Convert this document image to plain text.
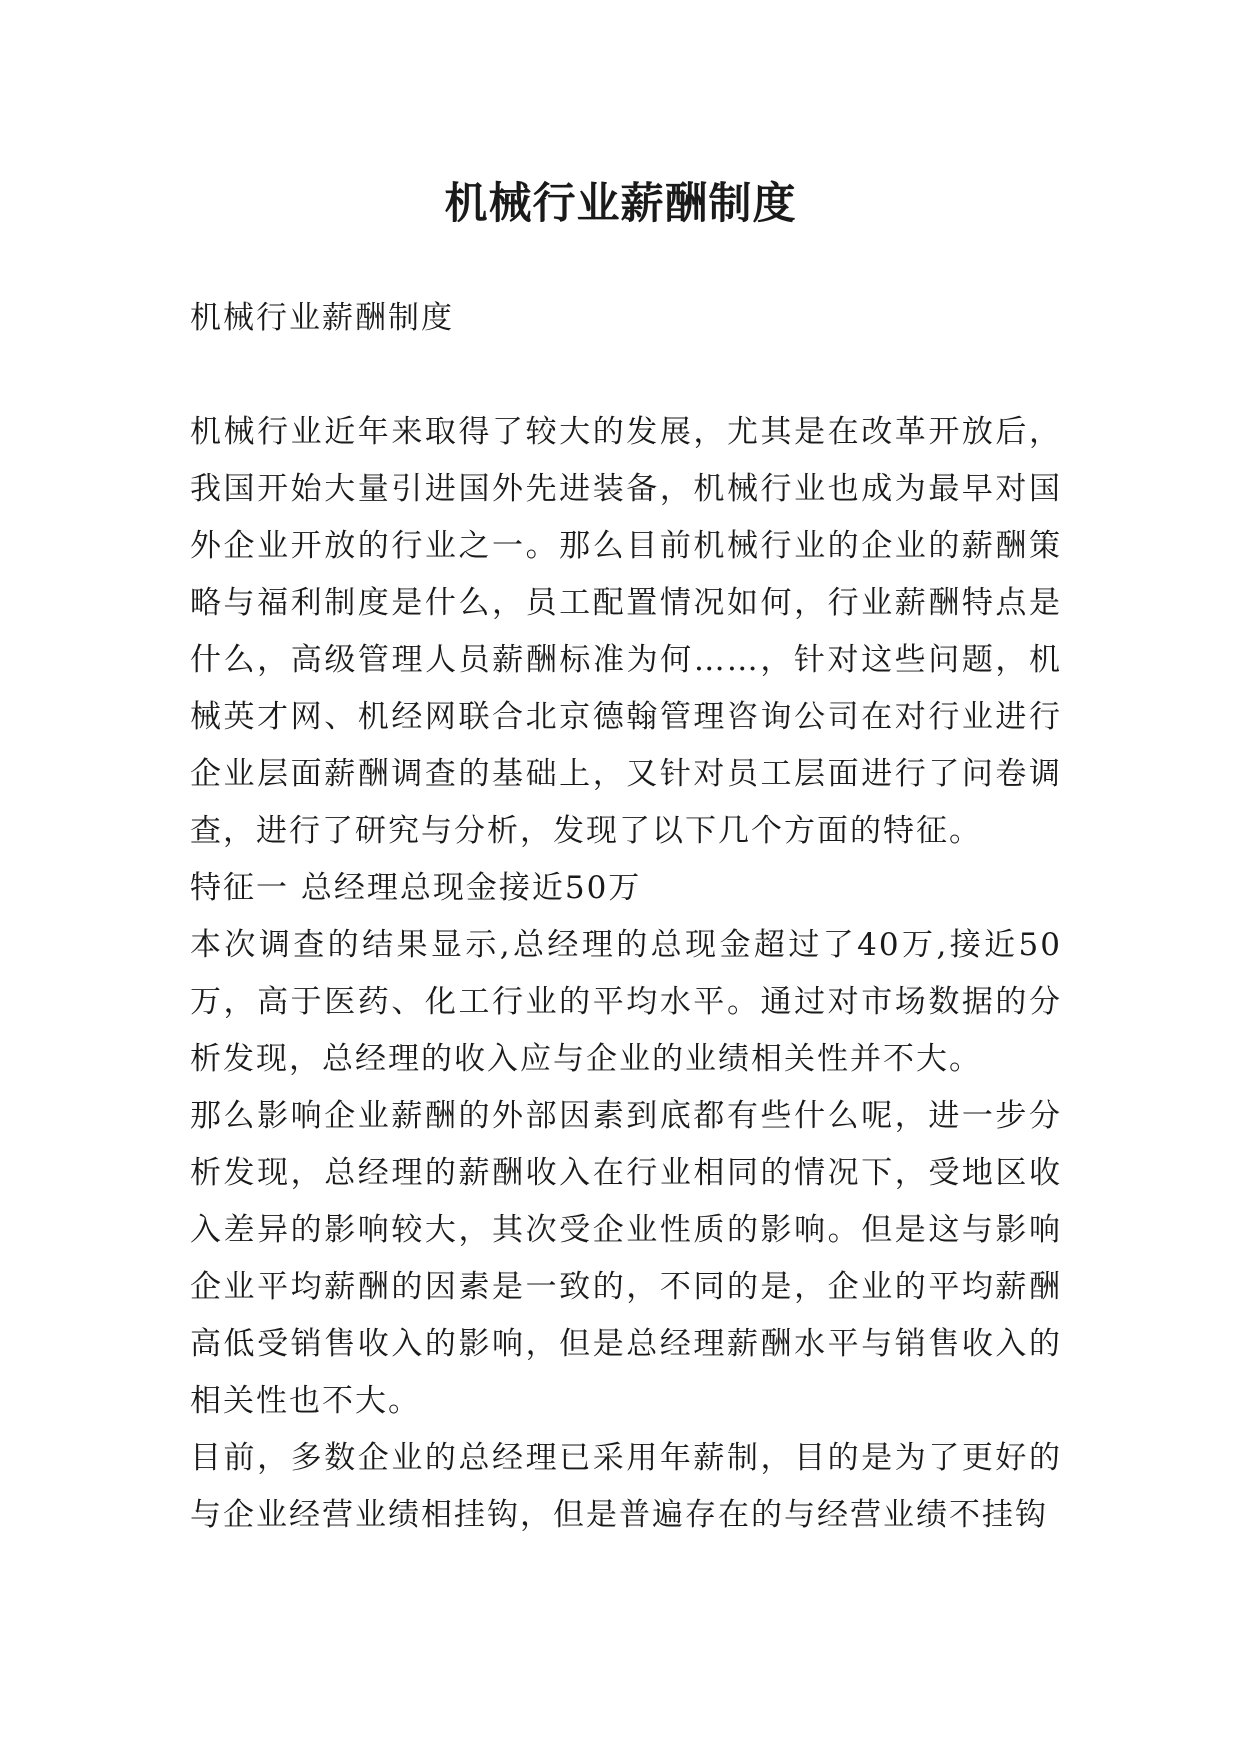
机械行业薪酬制度

机械行业薪酬制度

机械行业近年来取得了较大的发展，尤其是在改革开放后，我国开始大量引进国外先进装备，机械行业也成为最早对国外企业开放的行业之一。那么目前机械行业的企业的薪酬策略与福利制度是什么，员工配置情况如何，行业薪酬特点是什么，高级管理人员薪酬标准为何……，针对这些问题，机械英才网、机经网联合北京德翰管理咨询公司在对行业进行企业层面薪酬调查的基础上，又针对员工层面进行了问卷调查，进行了研究与分析，发现了以下几个方面的特征。

特征一 总经理总现金接近50万

本次调查的结果显示,总经理的总现金超过了40万,接近50万，高于医药、化工行业的平均水平。通过对市场数据的分析发现，总经理的收入应与企业的业绩相关性并不大。

那么影响企业薪酬的外部因素到底都有些什么呢，进一步分析发现，总经理的薪酬收入在行业相同的情况下，受地区收入差异的影响较大，其次受企业性质的影响。但是这与影响企业平均薪酬的因素是一致的，不同的是，企业的平均薪酬高低受销售收入的影响，但是总经理薪酬水平与销售收入的相关性也不大。

目前，多数企业的总经理已采用年薪制，目的是为了更好的与企业经营业绩相挂钩，但是普遍存在的与经营业绩不挂钩
